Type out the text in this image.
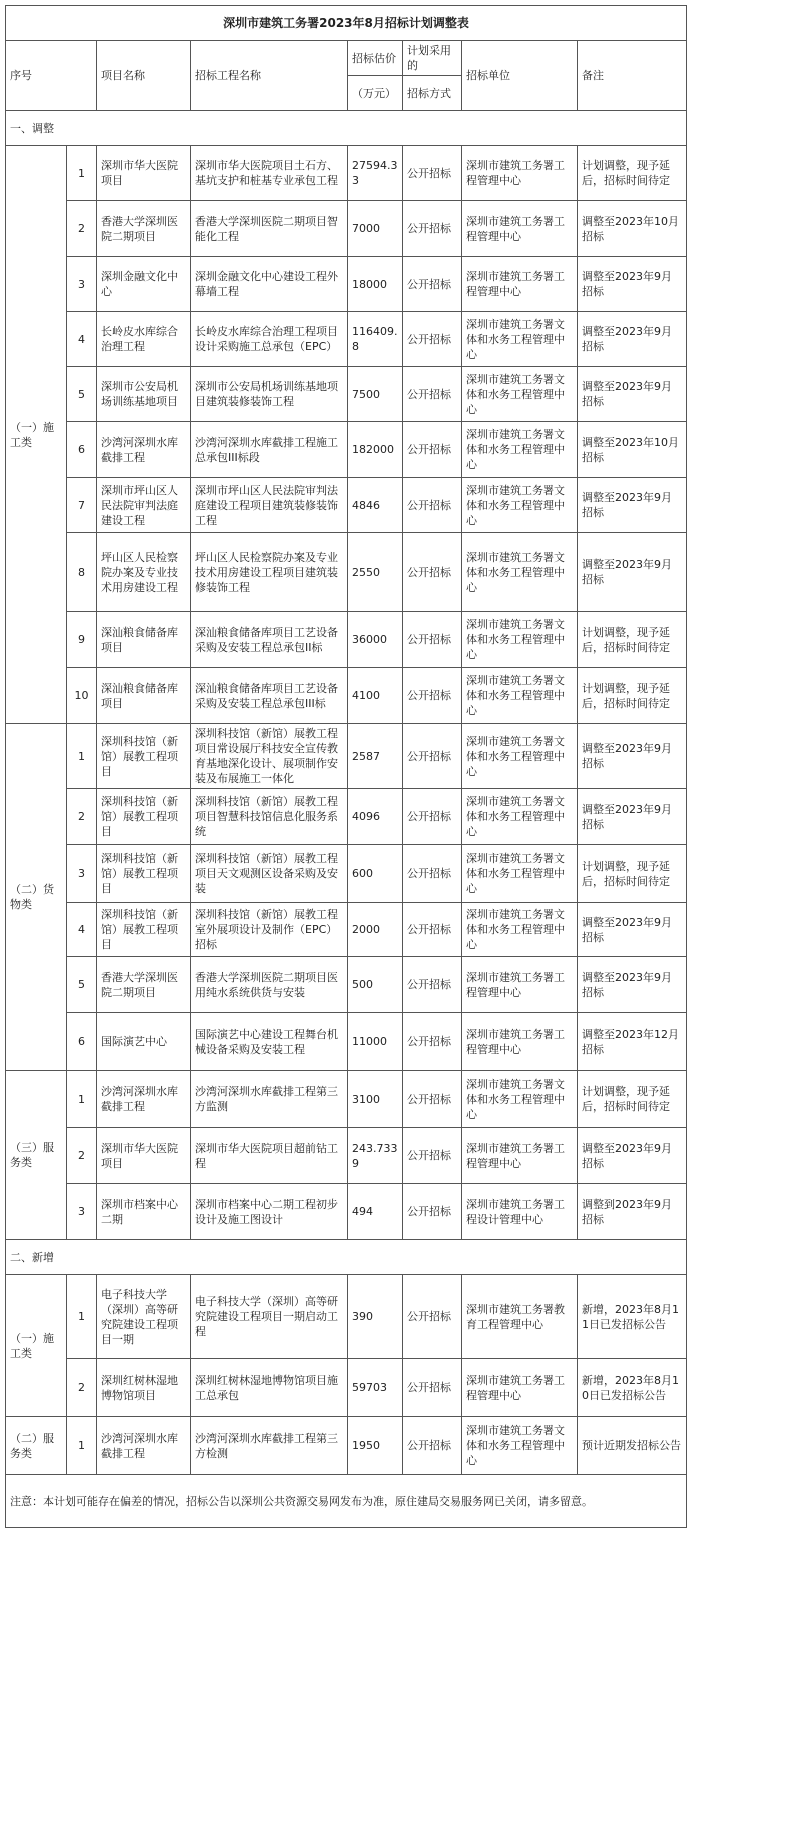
深圳市建筑工务署2023年8月招标计划调整表							
序号		项目名称	招标工程名称	招标估价	计划采用的	招标单位	备注
				（万元）	招标方式		
一、调整							
（一）施工类	1	深圳市华大医院项目	深圳市华大医院项目土石方、基坑支护和桩基专业承包工程	27594.33	公开招标	深圳市建筑工务署工程管理中心	计划调整，现予延后，招标时间待定
	2	香港大学深圳医院二期项目	香港大学深圳医院二期项目智能化工程	7000	公开招标	深圳市建筑工务署工程管理中心	调整至2023年10月招标
	3	深圳金融文化中心	深圳金融文化中心建设工程外幕墙工程	18000	公开招标	深圳市建筑工务署工程管理中心	调整至2023年9月招标
	4	长岭皮水库综合治理工程	长岭皮水库综合治理工程项目设计采购施工总承包（EPC）	116409.8	公开招标	深圳市建筑工务署文体和水务工程管理中心	调整至2023年9月招标
	5	深圳市公安局机场训练基地项目	深圳市公安局机场训练基地项目建筑装修装饰工程	7500	公开招标	深圳市建筑工务署文体和水务工程管理中心	调整至2023年9月招标
	6	沙湾河深圳水库截排工程	沙湾河深圳水库截排工程施工总承包III标段	182000	公开招标	深圳市建筑工务署文体和水务工程管理中心	调整至2023年10月招标
	7	深圳市坪山区人民法院审判法庭建设工程	深圳市坪山区人民法院审判法庭建设工程项目建筑装修装饰工程	4846	公开招标	深圳市建筑工务署文体和水务工程管理中心	调整至2023年9月招标
	8	坪山区人民检察院办案及专业技术用房建设工程	坪山区人民检察院办案及专业技术用房建设工程项目建筑装修装饰工程	2550	公开招标	深圳市建筑工务署文体和水务工程管理中心	调整至2023年9月招标
	9	深汕粮食储备库项目	深汕粮食储备库项目工艺设备采购及安装工程总承包II标	36000	公开招标	深圳市建筑工务署文体和水务工程管理中心	计划调整，现予延后，招标时间待定
	10	深汕粮食储备库项目	深汕粮食储备库项目工艺设备采购及安装工程总承包III标	4100	公开招标	深圳市建筑工务署文体和水务工程管理中心	计划调整，现予延后，招标时间待定
（二）货物类	1	深圳科技馆（新馆）展教工程项目	深圳科技馆（新馆）展教工程项目常设展厅科技安全宣传教育基地深化设计、展项制作安装及布展施工一体化	2587	公开招标	深圳市建筑工务署文体和水务工程管理中心	调整至2023年9月招标
	2	深圳科技馆（新馆）展教工程项目	深圳科技馆（新馆）展教工程项目智慧科技馆信息化服务系统	4096	公开招标	深圳市建筑工务署文体和水务工程管理中心	调整至2023年9月招标
	3	深圳科技馆（新馆）展教工程项目	深圳科技馆（新馆）展教工程项目天文观测区设备采购及安装	600	公开招标	深圳市建筑工务署文体和水务工程管理中心	计划调整，现予延后，招标时间待定
	4	深圳科技馆（新馆）展教工程项目	深圳科技馆（新馆）展教工程室外展项设计及制作（EPC）招标	2000	公开招标	深圳市建筑工务署文体和水务工程管理中心	调整至2023年9月招标
	5	香港大学深圳医院二期项目	香港大学深圳医院二期项目医用纯水系统供货与安装	500	公开招标	深圳市建筑工务署工程管理中心	调整至2023年9月招标
	6	国际演艺中心	国际演艺中心建设工程舞台机械设备采购及安装工程	11000	公开招标	深圳市建筑工务署工程管理中心	调整至2023年12月招标
（三）服务类	1	沙湾河深圳水库截排工程	沙湾河深圳水库截排工程第三方监测	3100	公开招标	深圳市建筑工务署文体和水务工程管理中心	计划调整，现予延后，招标时间待定
	2	深圳市华大医院项目	深圳市华大医院项目超前钻工程	243.7339	公开招标	深圳市建筑工务署工程管理中心	调整至2023年9月招标
	3	深圳市档案中心二期	深圳市档案中心二期工程初步设计及施工图设计	494	公开招标	深圳市建筑工务署工程设计管理中心	调整到2023年9月招标
二、新增							
（一）施工类	1	电子科技大学（深圳）高等研究院建设工程项目一期	电子科技大学（深圳）高等研究院建设工程项目一期启动工程	390	公开招标	深圳市建筑工务署教育工程管理中心	新增，2023年8月11日已发招标公告
	2	深圳红树林湿地博物馆项目	深圳红树林湿地博物馆项目施工总承包	59703	公开招标	深圳市建筑工务署工程管理中心	新增，2023年8月10日已发招标公告
（二）服务类	1	沙湾河深圳水库截排工程	沙湾河深圳水库截排工程第三方检测	1950	公开招标	深圳市建筑工务署文体和水务工程管理中心	预计近期发招标公告
注意：本计划可能存在偏差的情况，招标公告以深圳公共资源交易网发布为准，原住建局交易服务网已关闭，请多留意。							
